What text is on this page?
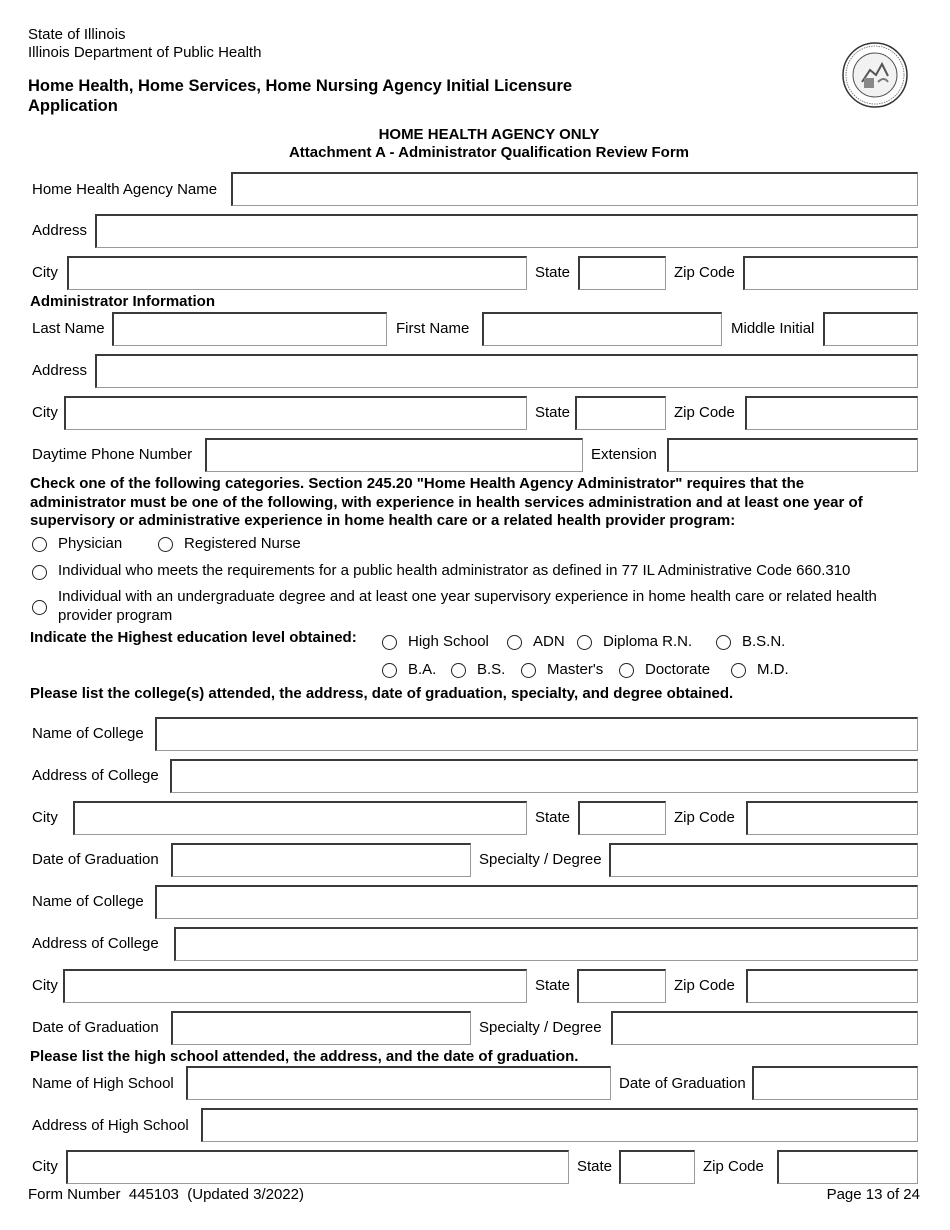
State of Illinois
Illinois Department of Public Health
Home Health, Home Services, Home Nursing Agency Initial Licensure
Application
HOME HEALTH AGENCY ONLY
Attachment A - Administrator Qualification Review Form
Home Health Agency Name
Address
City	State	Zip Code
Administrator Information
Last Name	First Name	Middle Initial
Address
City	State	Zip Code
Daytime Phone Number	Extension
Check one of the following categories. Section 245.20 "Home Health Agency Administrator" requires that the
administrator must be one of the following, with experience in health services administration and at least one year of
supervisory or administrative experience in home health care or a related health provider program:
Physician	Registered Nurse
Individual who meets the requirements for a public health administrator as defined in 77 IL Administrative Code 660.310
Individual with an undergraduate degree and at least one year supervisory experience in home health care or related health
provider program
Indicate the Highest education level obtained:	High School	ADN	Diploma R.N.	B.S.N.
B.A.	B.S.	Master's	Doctorate	M.D.
Please list the college(s) attended, the address, date of graduation, specialty, and degree obtained.
Name of College
Address of College
City	State	Zip Code
Date of Graduation	Specialty / Degree
Name of College
Address of College
City	State	Zip Code
Date of Graduation	Specialty / Degree
Please list the high school attended, the address, and the date of graduation.
Name of High School	Date of Graduation
Address of High School
City	State	Zip Code
Form Number  445103  (Updated 3/2022)	Page 13 of 24
